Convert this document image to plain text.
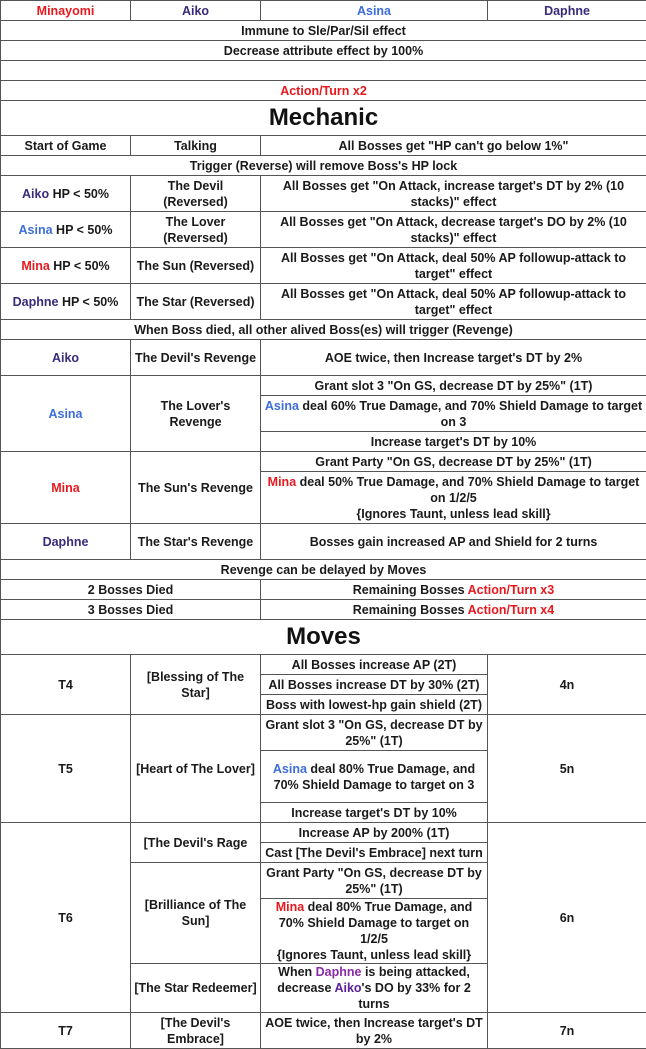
Minayomi	Aiko	Asina	Daphne
Immune to Sle/Par/Sil effect			
Decrease attribute effect by 100%			

Action/Turn x2			
Mechanic			
Start of Game	Talking	All Bosses get "HP can't go below 1%"	
Trigger (Reverse) will remove Boss's HP lock			
Aiko HP < 50%	The Devil (Reversed)	All Bosses get "On Attack, increase target's DT by 2% (10 stacks)" effect	
Asina HP < 50%	The Lover (Reversed)	All Bosses get "On Attack, decrease target's DO by 2% (10 stacks)" effect	
Mina HP < 50%	The Sun (Reversed)	All Bosses get "On Attack, deal 50% AP followup-attack to target" effect	
Daphne HP < 50%	The Star (Reversed)	All Bosses get "On Attack, deal 50% AP followup-attack to target" effect	
When Boss died, all other alived Boss(es) will trigger (Revenge)			
Aiko	The Devil's Revenge	AOE twice, then Increase target's DT by 2%	
Asina	The Lover's Revenge	Grant slot 3 "On GS, decrease DT by 25%" (1T)	
		Asina deal 60% True Damage, and 70% Shield Damage to target on 3	
		Increase target's DT by 10%	
Mina	The Sun's Revenge	Grant Party "On GS, decrease DT by 25%" (1T)	
		Mina deal 50% True Damage, and 70% Shield Damage to target on 1/2/5
{Ignores Taunt, unless lead skill}	
Daphne	The Star's Revenge	Bosses gain increased AP and Shield for 2 turns	
Revenge can be delayed by Moves			
2 Bosses Died		Remaining Bosses Action/Turn x3	
3 Bosses Died		Remaining Bosses Action/Turn x4	
Moves			
T4	[Blessing of The Star]	All Bosses increase AP (2T)	4n
		All Bosses increase DT by 30% (2T)	
		Boss with lowest-hp gain shield (2T)	
T5	[Heart of The Lover]	Grant slot 3 "On GS, decrease DT by 25%" (1T)	5n
		Asina deal 80% True Damage, and 70% Shield Damage to target on 3	
		Increase target's DT by 10%	
T6	[The Devil's Rage	Increase AP by 200% (1T)	6n
		Cast [The Devil's Embrace] next turn	
	[Brilliance of The Sun]	Grant Party "On GS, decrease DT by 25%" (1T)	
		Mina deal 80% True Damage, and 70% Shield Damage to target on 1/2/5
{Ignores Taunt, unless lead skill}	
	[The Star Redeemer]	When Daphne is being attacked, decrease Aiko's DO by 33% for 2 turns	
T7	[The Devil's Embrace]	AOE twice, then Increase target's DT by 2%	7n
